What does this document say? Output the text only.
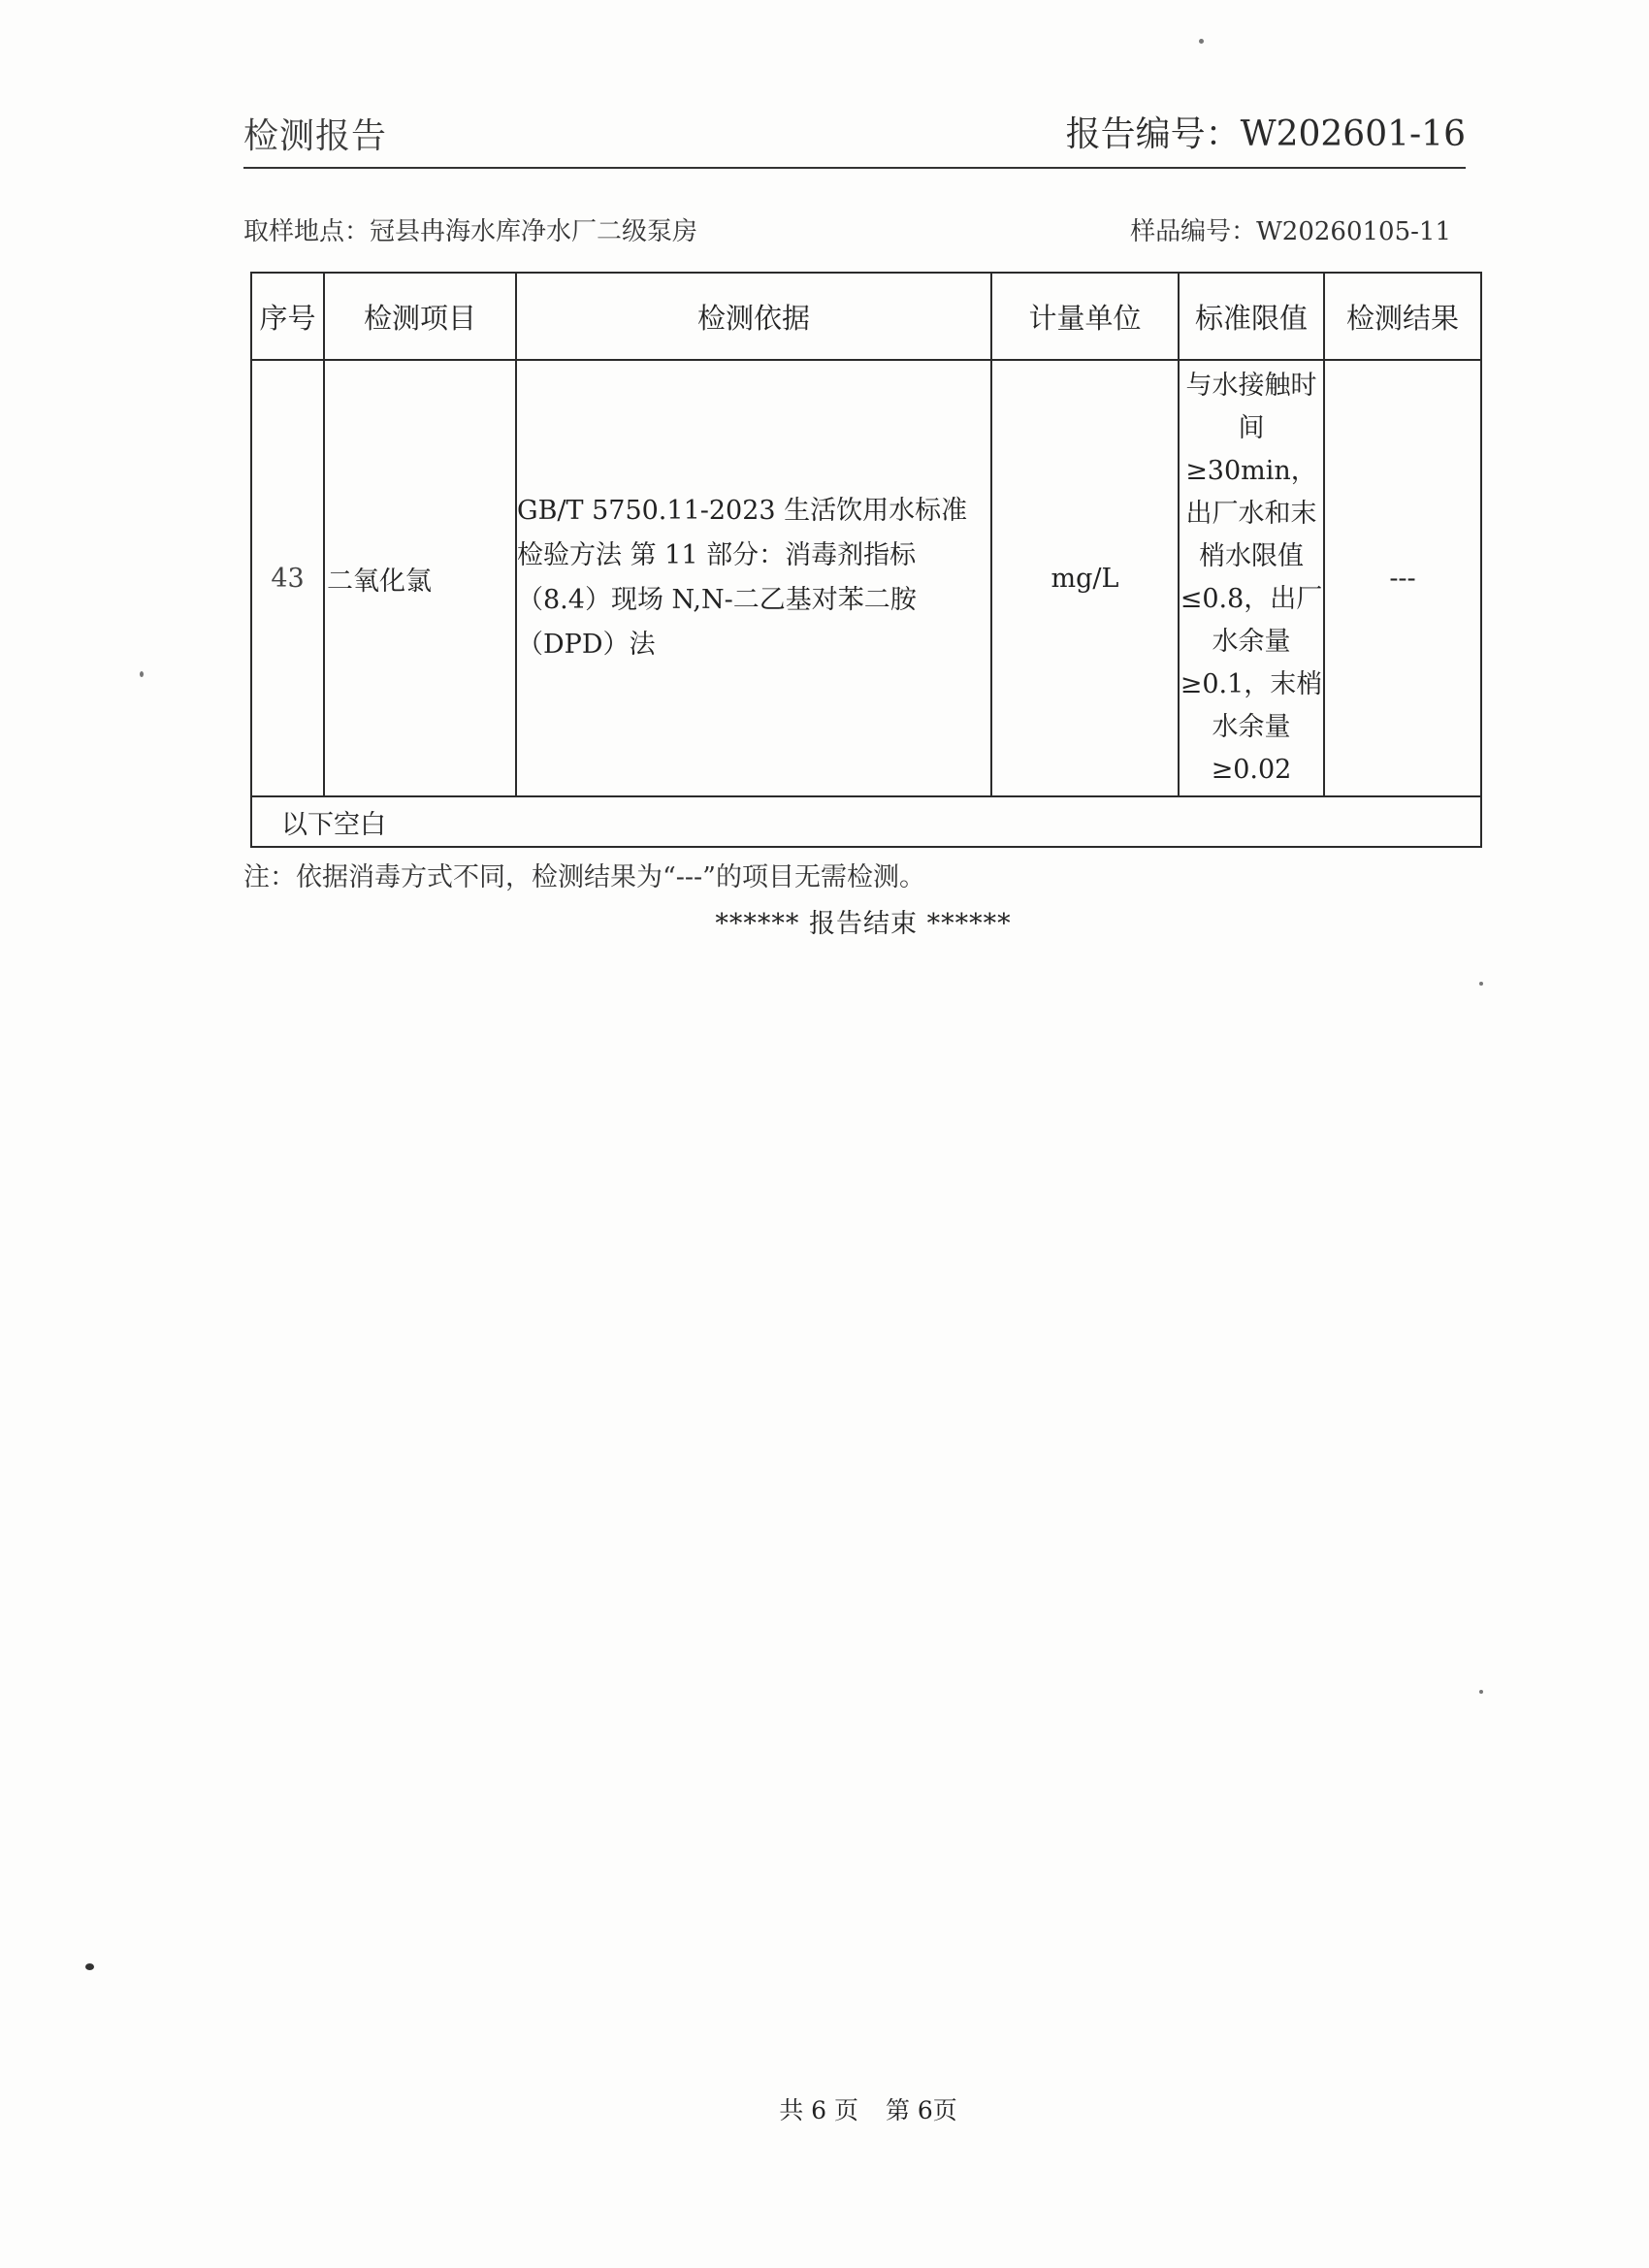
检测报告	报告编号：W202601-16
取样地点：冠县冉海水库净水厂二级泵房	样品编号：W20260105-11
序号	检测项目	检测依据	计量单位	标准限值	检测结果
43	二氧化氯	GB/T 5750.11-2023 生活饮用水标准检验方法 第 11 部分：消毒剂指标（8.4）现场 N,N-二乙基对苯二胺（DPD）法	mg/L	与水接触时间≥30min，出厂水和末梢水限值≤0.8，出厂水余量≥0.1，末梢水余量≥0.02	---
以下空白					
注：依据消毒方式不同，检测结果为“---”的项目无需检测。
****** 报告结束 ******
共 6 页 第 6页
